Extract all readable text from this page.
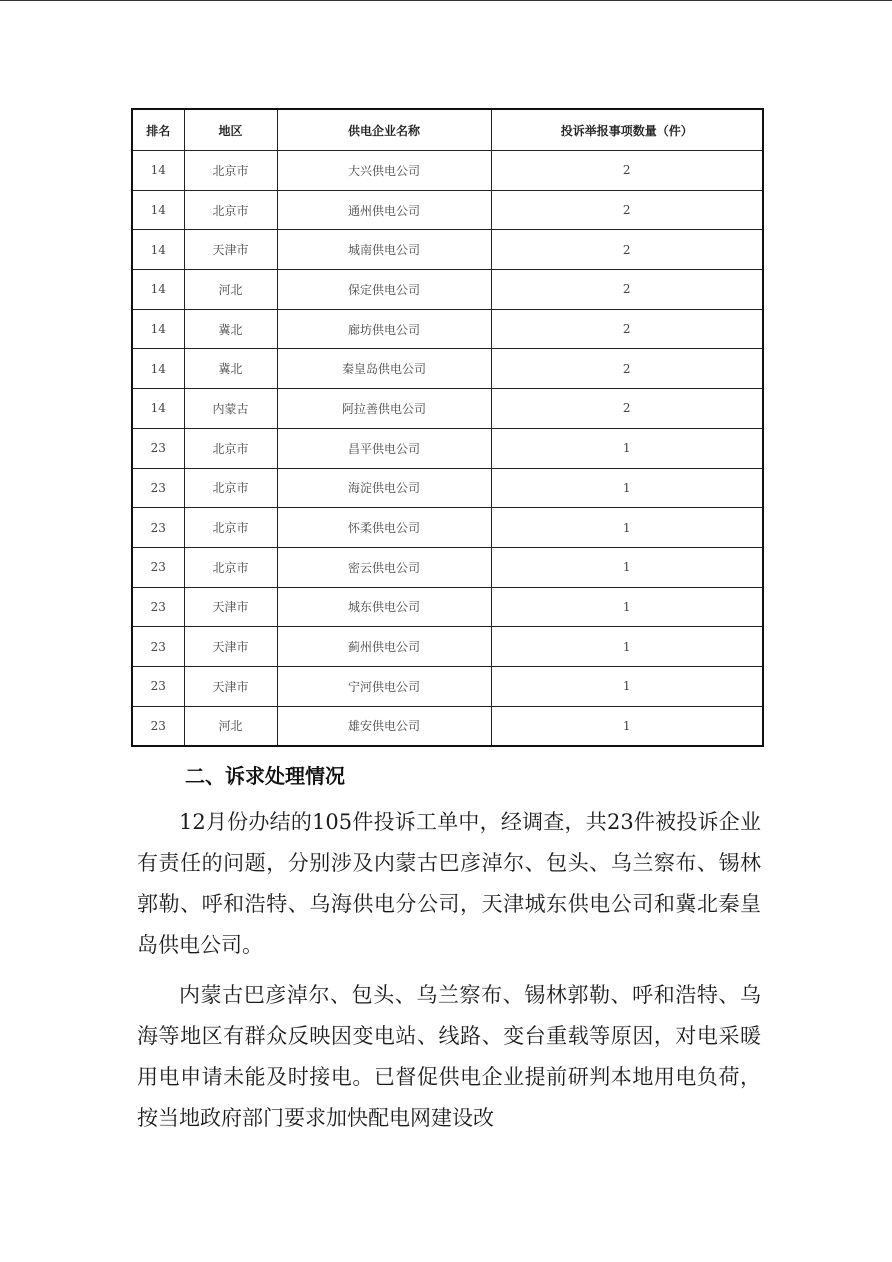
排名	地区	供电企业名称	投诉举报事项数量（件）
14	北京市	大兴供电公司	2
14	北京市	通州供电公司	2
14	天津市	城南供电公司	2
14	河北	保定供电公司	2
14	冀北	廊坊供电公司	2
14	冀北	秦皇岛供电公司	2
14	内蒙古	阿拉善供电公司	2
23	北京市	昌平供电公司	1
23	北京市	海淀供电公司	1
23	北京市	怀柔供电公司	1
23	北京市	密云供电公司	1
23	天津市	城东供电公司	1
23	天津市	蓟州供电公司	1
23	天津市	宁河供电公司	1
23	河北	雄安供电公司	1
二、诉求处理情况

12月份办结的105件投诉工单中，经调查，共23件被投诉企业有责任的问题，分别涉及内蒙古巴彦淖尔、包头、乌兰察布、锡林郭勒、呼和浩特、乌海供电分公司，天津城东供电公司和冀北秦皇岛供电公司。

内蒙古巴彦淖尔、包头、乌兰察布、锡林郭勒、呼和浩特、乌海等地区有群众反映因变电站、线路、变台重载等原因，对电采暖用电申请未能及时接电。已督促供电企业提前研判本地用电负荷，按当地政府部门要求加快配电网建设改
